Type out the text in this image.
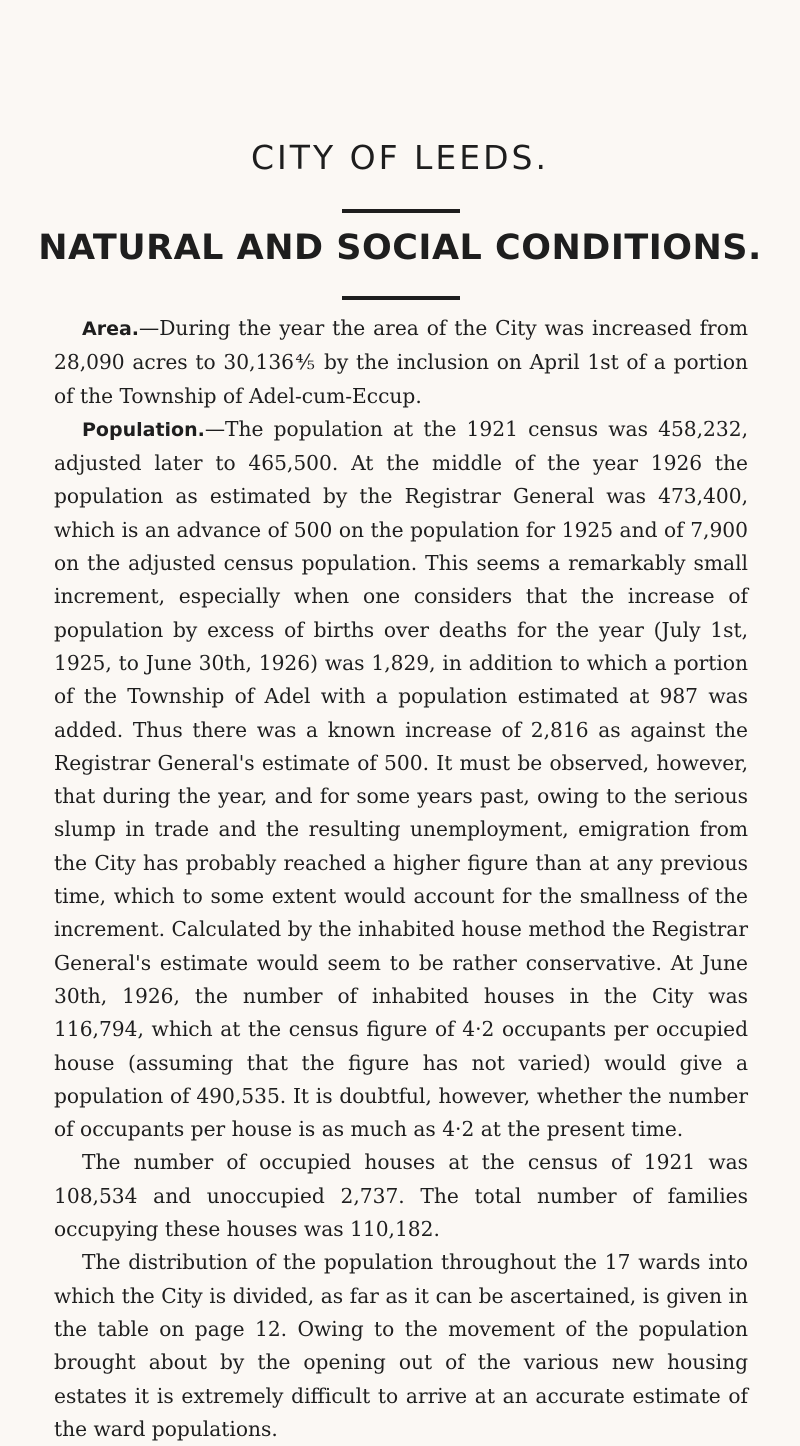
CITY OF LEEDS.
NATURAL AND SOCIAL CONDITIONS.

Area.—During the year the area of the City was increased from 28,090 acres to 30,136⅘ by the inclusion on April 1st of a portion of the Township of Adel-cum-Eccup.

Population.—The population at the 1921 census was 458,232, adjusted later to 465,500. At the middle of the year 1926 the population as estimated by the Registrar General was 473,400, which is an advance of 500 on the population for 1925 and of 7,900 on the adjusted census population. This seems a remarkably small increment, especially when one considers that the increase of population by excess of births over deaths for the year (July 1st, 1925, to June 30th, 1926) was 1,829, in addition to which a portion of the Township of Adel with a population estimated at 987 was added. Thus there was a known increase of 2,816 as against the Registrar General's estimate of 500. It must be observed, however, that during the year, and for some years past, owing to the serious slump in trade and the resulting unemployment, emigration from the City has probably reached a higher figure than at any previous time, which to some extent would account for the smallness of the increment. Calculated by the inhabited house method the Registrar General's estimate would seem to be rather conservative. At June 30th, 1926, the number of inhabited houses in the City was 116,794, which at the census figure of 4·2 occupants per occupied house (assuming that the figure has not varied) would give a population of 490,535. It is doubtful, however, whether the number of occupants per house is as much as 4·2 at the present time.

The number of occupied houses at the census of 1921 was 108,534 and unoccupied 2,737. The total number of families occupying these houses was 110,182.

The distribution of the population throughout the 17 wards into which the City is divided, as far as it can be ascertained, is given in the table on page 12. Owing to the movement of the population brought about by the opening out of the various new housing estates it is extremely difficult to arrive at an accurate estimate of the ward populations.
